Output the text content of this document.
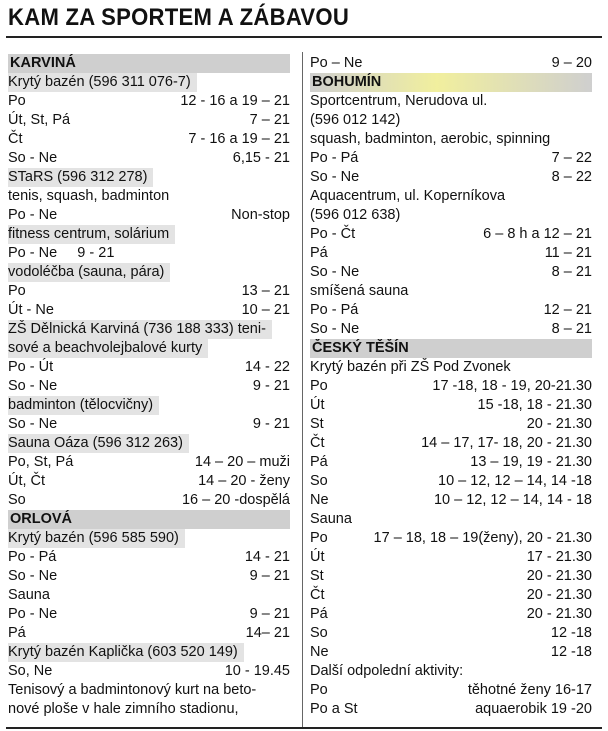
KAM ZA SPORTEM A ZÁBAVOU
KARVINÁ
Krytý bazén (596 311 076-7)
Po	12 - 16 a 19 – 21
Út, St, Pá	7 – 21
Čt	7 - 16 a 19 – 21
So - Ne	6,15 - 21
STaRS (596 312 278)
tenis, squash, badminton
Po - Ne	Non-stop
fitness centrum, solárium
Po - Ne     9 - 21
vodoléčba (sauna, pára)
Po	13 – 21
Út - Ne	10 – 21
ZŠ Dělnická Karviná (736 188 333) teni-
sové a beachvolejbalové kurty
Po - Út	14 - 22
So - Ne	9 - 21
badminton (tělocvičny)
So - Ne	9 - 21
Sauna Oáza (596 312 263)
Po, St, Pá	14 – 20 – muži
Út, Čt	14 – 20 - ženy
So	16 – 20 -dospělá
ORLOVÁ
Krytý bazén (596 585 590)
Po - Pá	14 - 21
So - Ne	9 – 21
Sauna
Po - Ne	9 – 21
Pá	14– 21
Krytý bazén Kaplička (603 520 149)
So, Ne	10 - 19.45
Tenisový a badmintonový kurt na beto-
nové ploše v hale zimního stadionu,
Po – Ne	9 – 20
BOHUMÍN
Sportcentrum, Nerudova ul.
(596 012 142)
squash, badminton, aerobic, spinning
Po - Pá	7 – 22
So - Ne	8 – 22
Aquacentrum, ul. Koperníkova
(596 012 638)
Po - Čt	6 – 8 h a 12 – 21
Pá	11 – 21
So - Ne	8 – 21
smíšená sauna
Po - Pá	12 – 21
So - Ne	8 – 21
ČESKÝ TĚŠÍN
Krytý bazén při ZŠ Pod Zvonek
Po	17 -18, 18 - 19, 20-21.30
Út	15 -18, 18 - 21.30
St	20 - 21.30
Čt	14 – 17, 17- 18, 20 - 21.30
Pá	13 – 19, 19 - 21.30
So	10 – 12, 12 – 14, 14 -18
Ne	10 – 12, 12 – 14, 14 - 18
Sauna
Po	17 – 18, 18 – 19(ženy), 20 - 21.30
Út	17 - 21.30
St	20 - 21.30
Čt	20 - 21.30
Pá	20 - 21.30
So	12 -18
Ne	12 -18
Další odpolední aktivity:
Po	těhotné ženy 16-17
Po a St	aquaerobik 19 -20
